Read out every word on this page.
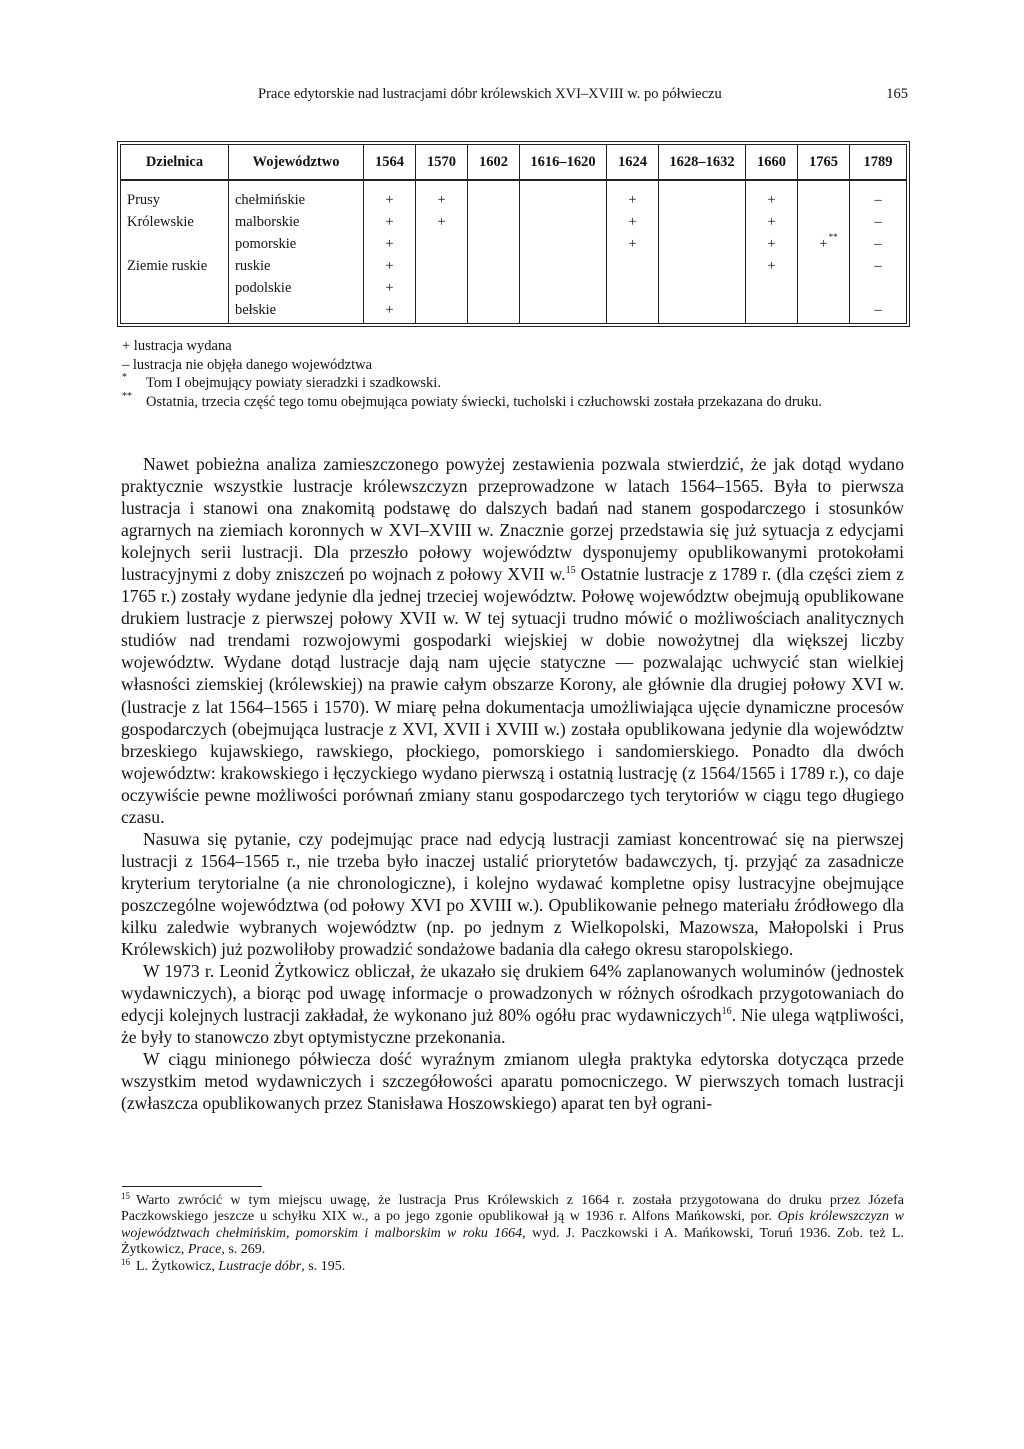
Prace edytorskie nad lustracjami dóbr królewskich XVI–XVIII w. po półwieczu	165
Dzielnica	Województwo	1564	1570	1602	1616–1620	1624	1628–1632	1660	1765	1789

Prusy	chełmińskie	+	+			+		+		–
Królewskie	malborskie	+	+			+		+		–
	pomorskie	+				+		+	+ **	–
Ziemie ruskie	ruskie	+						+		–
	podolskie	+								
	bełskie	+								–
+ lustracja wydana
– lustracja nie objęła danego województwa
* Tom I obejmujący powiaty sieradzki i szadkowski.
** Ostatnia, trzecia część tego tomu obejmująca powiaty świecki, tucholski i człuchowski została przekazana do druku.

Nawet pobieżna analiza zamieszczonego powyżej zestawienia pozwala stwierdzić, że jak dotąd wydano praktycznie wszystkie lustracje królewszczyzn przeprowadzone w latach 1564–1565. Była to pierwsza lustracja i stanowi ona znakomitą podstawę do dalszych badań nad stanem gospodarczego i stosunków agrarnych na ziemiach koronnych w XVI–XVIII w. Znacznie gorzej przedstawia się już sytuacja z edycjami kolejnych serii lustracji. Dla przeszło połowy województw dysponujemy opublikowanymi protokołami lustracyjnymi z doby zniszczeń po wojnach z połowy XVII w.$^{15}$ Ostatnie lustracje z 1789 r. (dla części ziem z 1765 r.) zostały wydane jedynie dla jednej trzeciej województw. Połowę województw obejmują opublikowane drukiem lustracje z pierwszej połowy XVII w. W tej sytuacji trudno mówić o możliwościach analitycznych studiów nad trendami rozwojowymi gospodarki wiejskiej w dobie nowożytnej dla większej liczby województw. Wydane dotąd lustracje dają nam ujęcie statyczne — pozwalając uchwycić stan wielkiej własności ziemskiej (królewskiej) na prawie całym obszarze Korony, ale głównie dla drugiej połowy XVI w. (lustracje z lat 1564–1565 i 1570). W miarę pełna dokumentacja umożliwiająca ujęcie dynamiczne procesów gospodarczych (obejmująca lustracje z XVI, XVII i XVIII w.) została opublikowana jedynie dla województw brzeskiego kujawskiego, rawskiego, płockiego, pomorskiego i sandomierskiego. Ponadto dla dwóch województw: krakowskiego i łęczyckiego wydano pierwszą i ostatnią lustrację (z 1564/1565 i 1789 r.), co daje oczywiście pewne możliwości porównań zmiany stanu gospodarczego tych terytoriów w ciągu tego długiego czasu.

Nasuwa się pytanie, czy podejmując prace nad edycją lustracji zamiast koncentrować się na pierwszej lustracji z 1564–1565 r., nie trzeba było inaczej ustalić priorytetów badawczych, tj. przyjąć za zasadnicze kryterium terytorialne (a nie chronologiczne), i kolejno wydawać kompletne opisy lustracyjne obejmujące poszczególne województwa (od połowy XVI po XVIII w.). Opublikowanie pełnego materiału źródłowego dla kilku zaledwie wybranych województw (np. po jednym z Wielkopolski, Mazowsza, Małopolski i Prus Królewskich) już pozwoliłoby prowadzić sondażowe badania dla całego okresu staropolskiego.

W 1973 r. Leonid Żytkowicz obliczał, że ukazało się drukiem 64% zaplanowanych woluminów (jednostek wydawniczych), a biorąc pod uwagę informacje o prowadzonych w różnych ośrodkach przygotowaniach do edycji kolejnych lustracji zakładał, że wykonano już 80% ogółu prac wydawniczych$^{16}$. Nie ulega wątpliwości, że były to stanowczo zbyt optymistyczne przekonania.

W ciągu minionego półwiecza dość wyraźnym zmianom uległa praktyka edytorska dotycząca przede wszystkim metod wydawniczych i szczegółowości aparatu pomocniczego. W pierwszych tomach lustracji (zwłaszcza opublikowanych przez Stanisława Hoszowskiego) aparat ten był ograni-

$^{15}$ Warto zwrócić w tym miejscu uwagę, że lustracja Prus Królewskich z 1664 r. została przygotowana do druku przez Józefa Paczkowskiego jeszcze u schyłku XIX w., a po jego zgonie opublikował ją w 1936 r. Alfons Mańkowski, por. Opis królewszczyzn w województwach chełmińskim, pomorskim i malborskim w roku 1664, wyd. J. Paczkowski i A. Mańkowski, Toruń 1936. Zob. też L. Żytkowicz, Prace, s. 269.
$^{16}$ L. Żytkowicz, Lustracje dóbr, s. 195.
